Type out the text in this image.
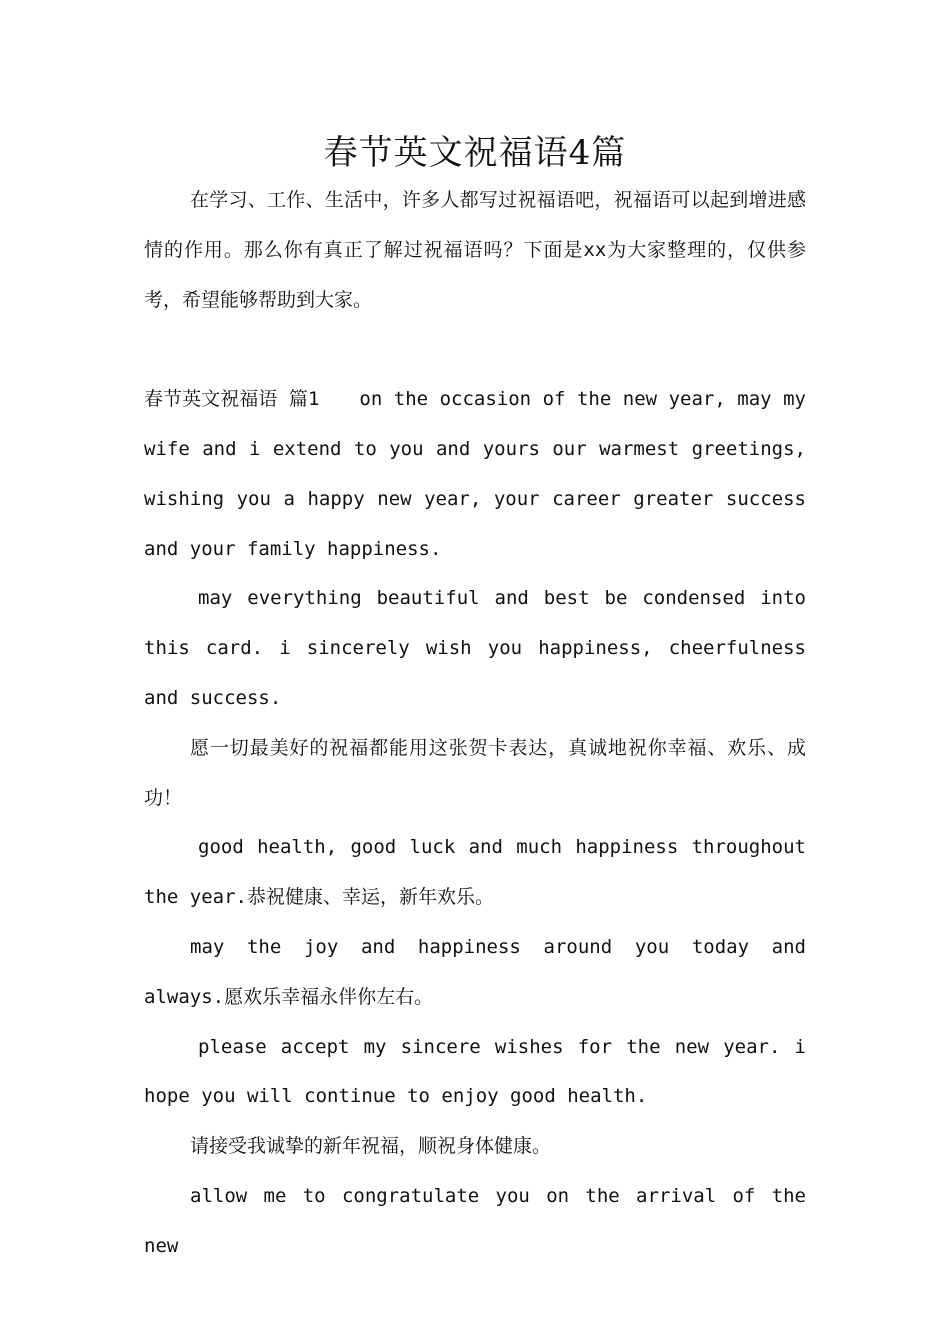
春节英文祝福语4篇

在学习、工作、生活中，许多人都写过祝福语吧，祝福语可以起到增进感情的作用。那么你有真正了解过祝福语吗？下面是xx为大家整理的，仅供参考，希望能够帮助到大家。

春节英文祝福语 篇1 on the occasion of the new year, may my wife and i extend to you and yours our warmest greetings, wishing you a happy new year, your career greater success and your family happiness.

may everything beautiful and best be condensed into this card. i sincerely wish you happiness, cheerfulness and success.

愿一切最美好的祝福都能用这张贺卡表达，真诚地祝你幸福、欢乐、成功！

good health, good luck and much happiness throughout the year.恭祝健康、幸运，新年欢乐。

may the joy and happiness around you today and always.愿欢乐幸福永伴你左右。

please accept my sincere wishes for the new year. i hope you will continue to enjoy good health.

请接受我诚挚的新年祝福，顺祝身体健康。

allow me to congratulate you on the arrival of the new
